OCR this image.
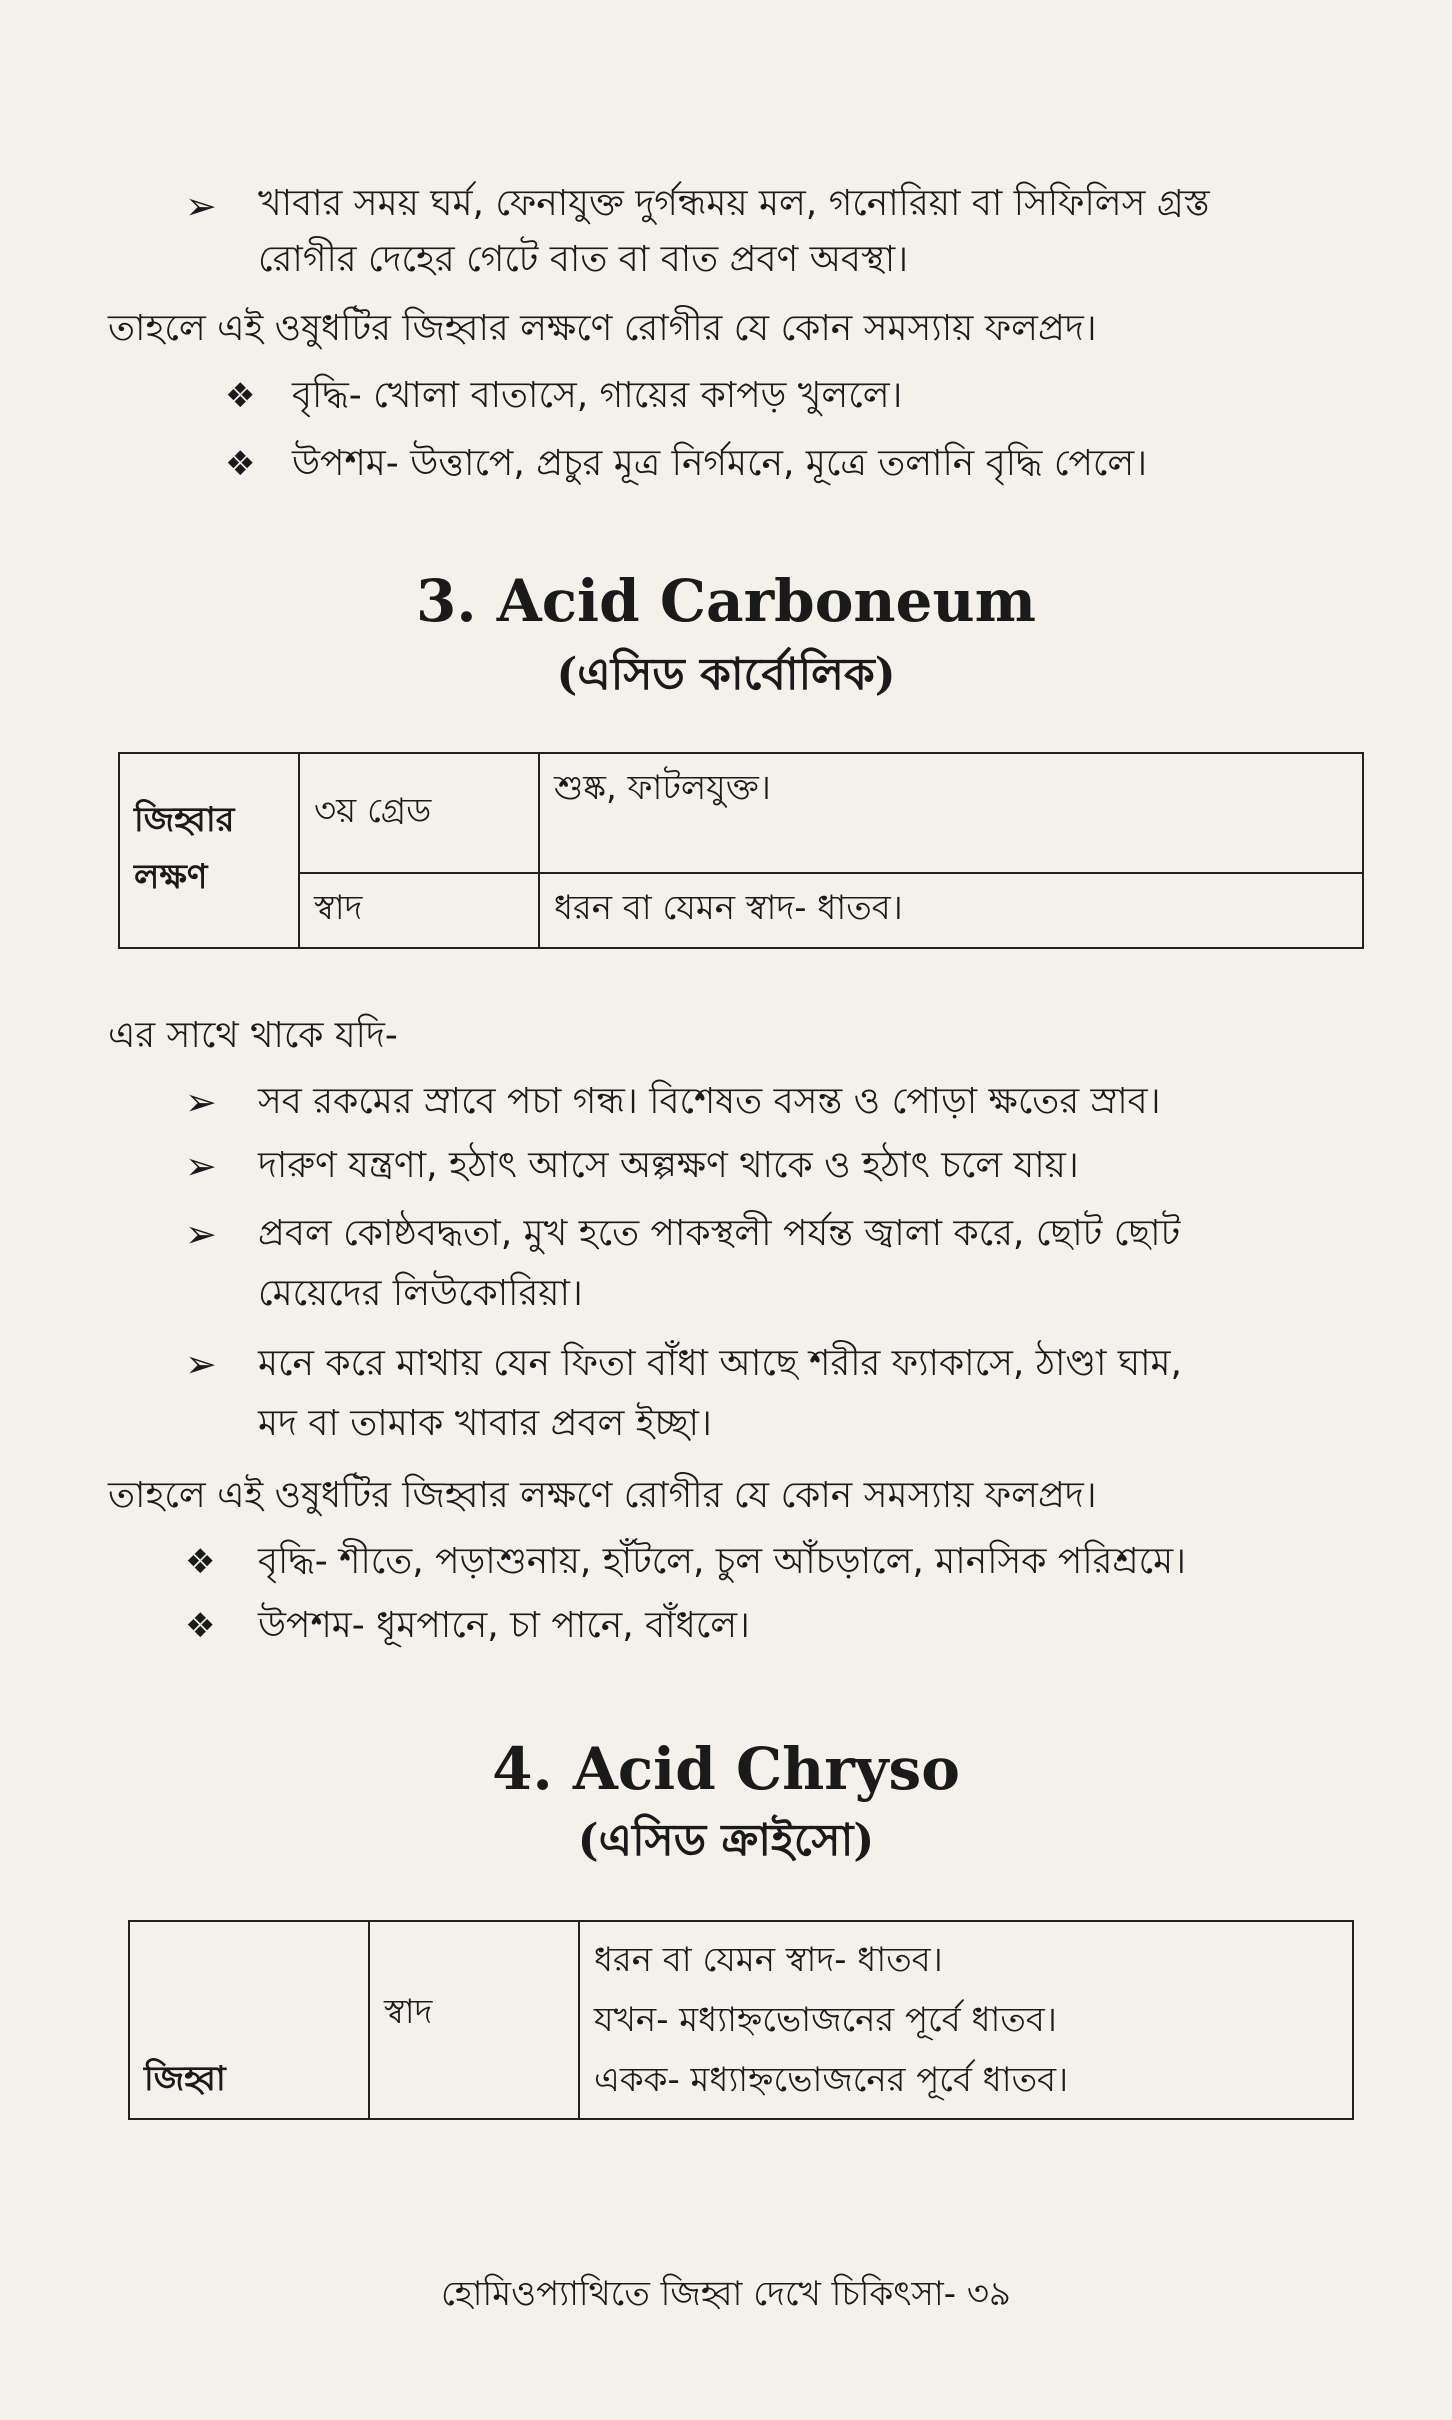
➢ খাবার সময় ঘর্ম, ফেনাযুক্ত দুর্গন্ধময় মল, গনোরিয়া বা সিফিলিস গ্রস্ত
রোগীর দেহের গেটে বাত বা বাত প্রবণ অবস্থা।
তাহলে এই ওষুধটির জিহ্বার লক্ষণে রোগীর যে কোন সমস্যায় ফলপ্রদ।
❖ বৃদ্ধি- খোলা বাতাসে, গায়ের কাপড় খুললে।
❖ উপশম- উত্তাপে, প্রচুর মূত্র নির্গমনে, মূত্রে তলানি বৃদ্ধি পেলে।
3. Acid Carboneum
(এসিড কার্বোলিক)
জিহ্বার লক্ষণ	৩য় গ্রেড	শুষ্ক, ফাটলযুক্ত।
	স্বাদ	ধরন বা যেমন স্বাদ- ধাতব।
এর সাথে থাকে যদি-
➢ সব রকমের স্রাবে পচা গন্ধ। বিশেষত বসন্ত ও পোড়া ক্ষতের স্রাব।
➢ দারুণ যন্ত্রণা, হঠাৎ আসে অল্পক্ষণ থাকে ও হঠাৎ চলে যায়।
➢ প্রবল কোষ্ঠবদ্ধতা, মুখ হতে পাকস্থলী পর্যন্ত জ্বালা করে, ছোট ছোট
মেয়েদের লিউকোরিয়া।
➢ মনে করে মাথায় যেন ফিতা বাঁধা আছে শরীর ফ্যাকাসে, ঠাণ্ডা ঘাম,
মদ বা তামাক খাবার প্রবল ইচ্ছা।
তাহলে এই ওষুধটির জিহ্বার লক্ষণে রোগীর যে কোন সমস্যায় ফলপ্রদ।
❖ বৃদ্ধি- শীতে, পড়াশুনায়, হাঁটলে, চুল আঁচড়ালে, মানসিক পরিশ্রমে।
❖ উপশম- ধূমপানে, চা পানে, বাঁধলে।
4. Acid Chryso
(এসিড ক্রাইসো)
জিহ্বা	স্বাদ	
ধরন বা যেমন স্বাদ- ধাতব।
যখন- মধ্যাহ্নভোজনের পূর্বে ধাতব।
একক- মধ্যাহ্নভোজনের পূর্বে ধাতব।
হোমিওপ্যাথিতে জিহ্বা দেখে চিকিৎসা- ৩৯
